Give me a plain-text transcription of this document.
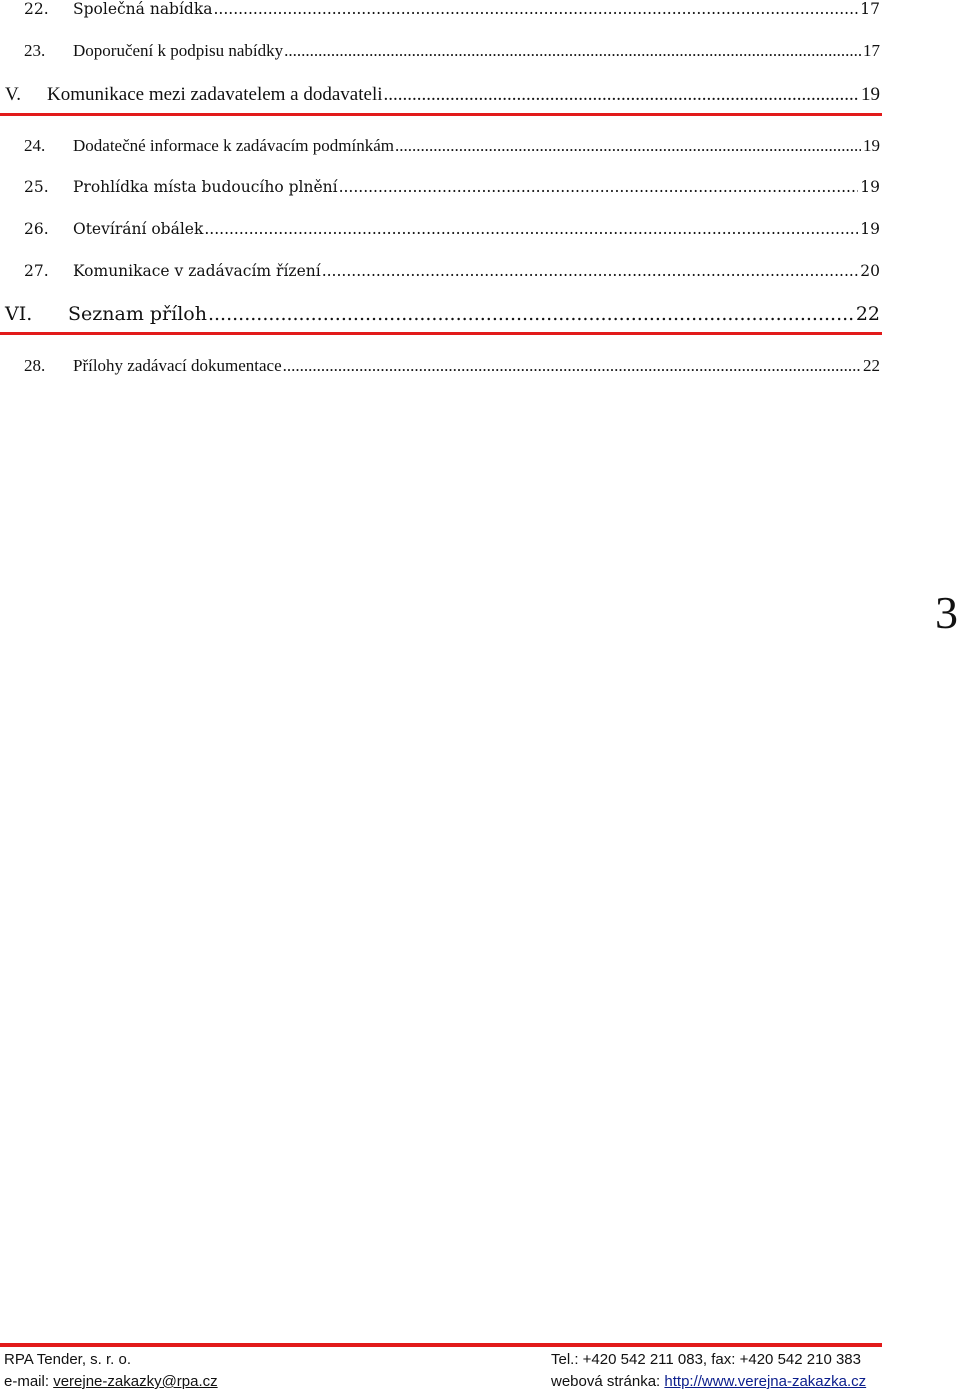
22.	Společná nabídka .....	17
23.	Doporučení k podpisu nabídky .....	17
V.	Komunikace mezi zadavatelem a dodavateli .....	19
24.	Dodatečné informace k zadávacím podmínkám .....	19
25.	Prohlídka místa budoucího plnění .....	19
26.	Otevírání obálek .....	19
27.	Komunikace v zadávacím řízení .....	20
VI.	Seznam příloh .....	22
28.	Přílohy zadávací dokumentace .....	22
3
RPA Tender, s. r. o.	Tel.: +420 542 211 083, fax: +420 542 210 383
e-mail: verejne-zakazky@rpa.cz	webová stránka: http://www.verejna-zakazka.cz
